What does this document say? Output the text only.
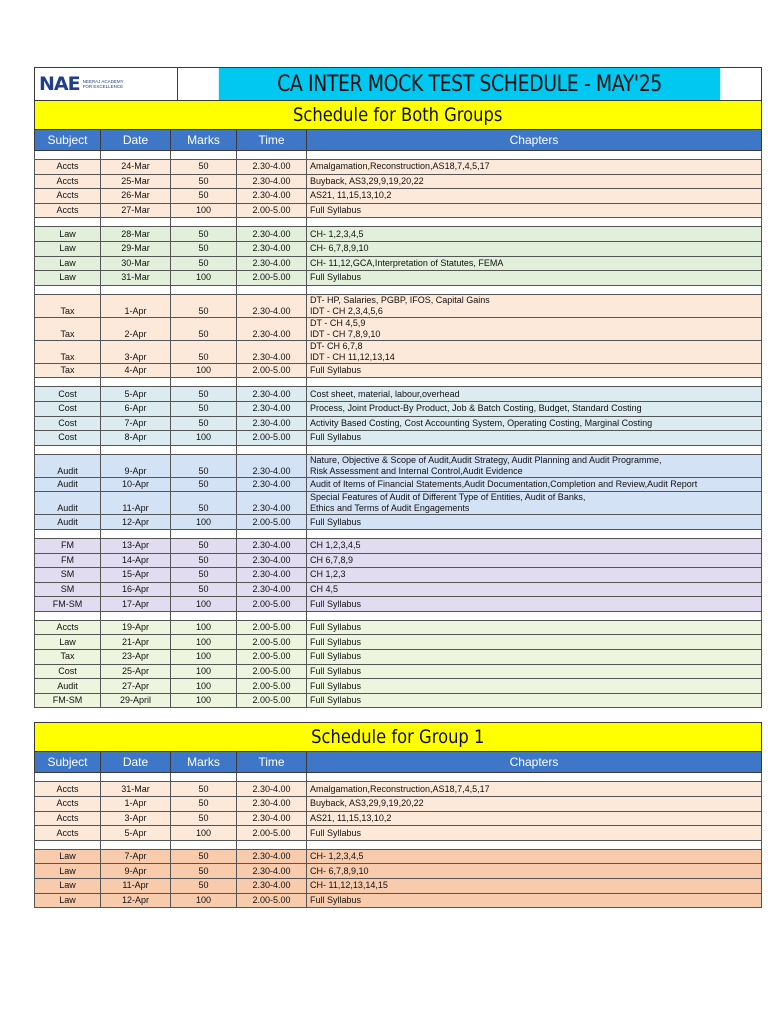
NAE NEERAJ ACADEMY FOR EXCELLENCE	CA INTER MOCK TEST SCHEDULE - MAY'25
Schedule for Both Groups
Subject	Date	Marks	Time	Chapters

Accts	24-Mar	50	2.30-4.00	Amalgamation,Reconstruction,AS18,7,4,5,17
Accts	25-Mar	50	2.30-4.00	Buyback, AS3,29,9,19,20,22
Accts	26-Mar	50	2.30-4.00	AS21, 11,15,13,10,2
Accts	27-Mar	100	2.00-5.00	Full Syllabus

Law	28-Mar	50	2.30-4.00	CH- 1,2,3,4,5
Law	29-Mar	50	2.30-4.00	CH- 6,7,8,9,10
Law	30-Mar	50	2.30-4.00	CH- 11,12,GCA,Interpretation of Statutes, FEMA
Law	31-Mar	100	2.00-5.00	Full Syllabus

Tax	1-Apr	50	2.30-4.00	DT- HP, Salaries, PGBP, IFOS, Capital Gains
IDT - CH 2,3,4,5,6
Tax	2-Apr	50	2.30-4.00	DT - CH 4,5,9
IDT - CH 7,8,9,10
Tax	3-Apr	50	2.30-4.00	DT- CH 6,7,8
IDT - CH 11,12,13,14
Tax	4-Apr	100	2.00-5.00	Full Syllabus

Cost	5-Apr	50	2.30-4.00	Cost sheet, material, labour,overhead
Cost	6-Apr	50	2.30-4.00	Process, Joint Product-By Product, Job & Batch Costing, Budget, Standard Costing
Cost	7-Apr	50	2.30-4.00	Activity Based Costing, Cost Accounting System, Operating Costing, Marginal Costing
Cost	8-Apr	100	2.00-5.00	Full Syllabus

Audit	9-Apr	50	2.30-4.00	Nature, Objective & Scope of Audit,Audit Strategy, Audit Planning and Audit Programme,
Risk Assessment and Internal Control,Audit Evidence
Audit	10-Apr	50	2.30-4.00	Audit of Items of Financial Statements,Audit Documentation,Completion and Review,Audit Report
Audit	11-Apr	50	2.30-4.00	Special Features of Audit of Different Type of Entities, Audit of Banks,
Ethics and Terms of Audit Engagements
Audit	12-Apr	100	2.00-5.00	Full Syllabus

FM	13-Apr	50	2.30-4.00	CH 1,2,3,4,5
FM	14-Apr	50	2.30-4.00	CH 6,7,8,9
SM	15-Apr	50	2.30-4.00	CH 1,2,3
SM	16-Apr	50	2.30-4.00	CH 4,5
FM-SM	17-Apr	100	2.00-5.00	Full Syllabus

Accts	19-Apr	100	2.00-5.00	Full Syllabus
Law	21-Apr	100	2.00-5.00	Full Syllabus
Tax	23-Apr	100	2.00-5.00	Full Syllabus
Cost	25-Apr	100	2.00-5.00	Full Syllabus
Audit	27-Apr	100	2.00-5.00	Full Syllabus
FM-SM	29-April	100	2.00-5.00	Full Syllabus
Schedule for Group 1
Subject	Date	Marks	Time	Chapters

Accts	31-Mar	50	2.30-4.00	Amalgamation,Reconstruction,AS18,7,4,5,17
Accts	1-Apr	50	2.30-4.00	Buyback, AS3,29,9,19,20,22
Accts	3-Apr	50	2.30-4.00	AS21, 11,15,13,10,2
Accts	5-Apr	100	2.00-5.00	Full Syllabus

Law	7-Apr	50	2.30-4.00	CH- 1,2,3,4,5
Law	9-Apr	50	2.30-4.00	CH- 6,7,8,9,10
Law	11-Apr	50	2.30-4.00	CH- 11,12,13,14,15
Law	12-Apr	100	2.00-5.00	Full Syllabus
